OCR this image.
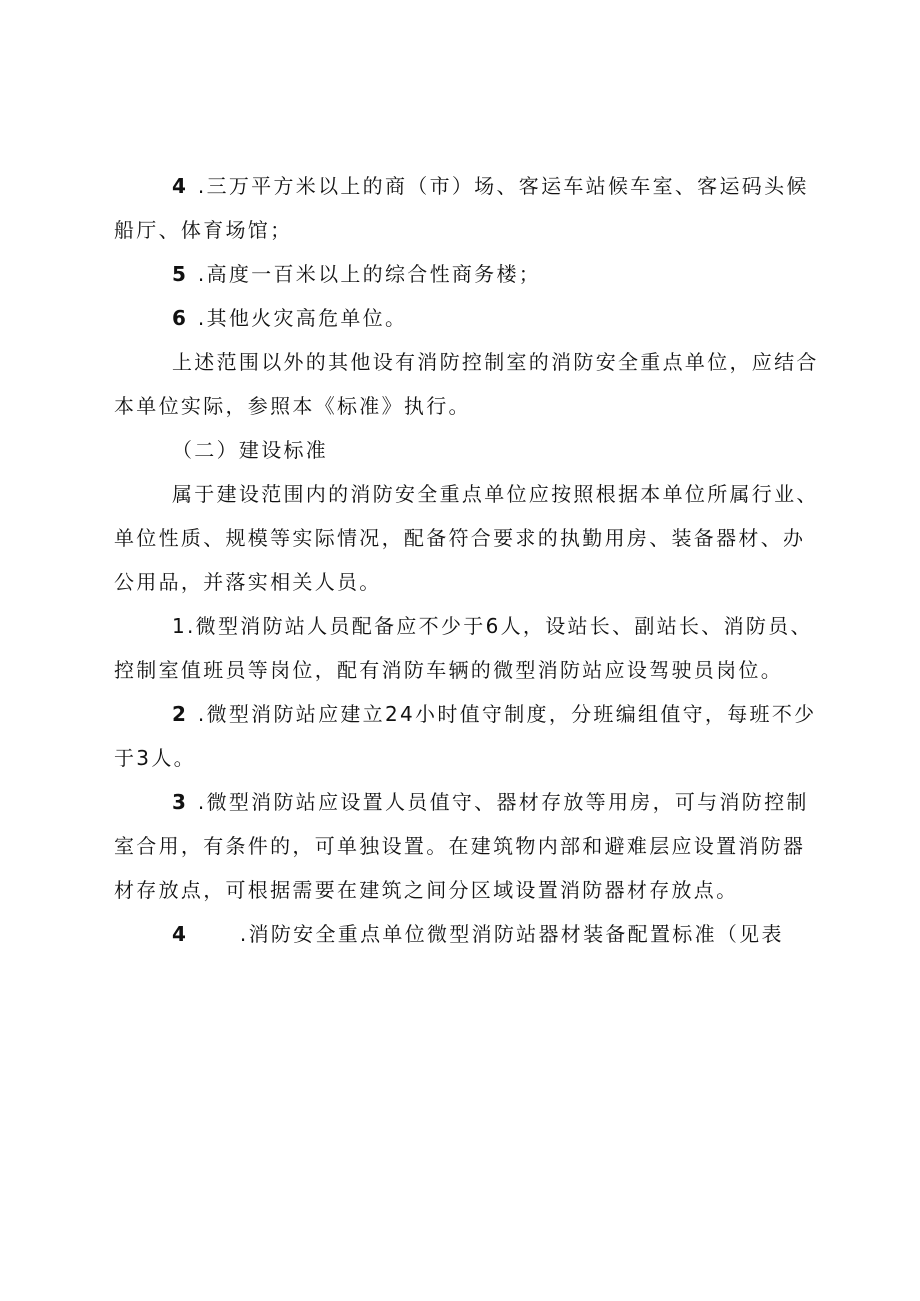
4 .三万平方米以上的商（市）场、客运车站候车室、客运码头候
船厅、体育场馆；
5 .高度一百米以上的综合性商务楼；
6 .其他火灾高危单位。
上述范围以外的其他设有消防控制室的消防安全重点单位，应结合
本单位实际，参照本《标准》执行。
（二）建设标准
属于建设范围内的消防安全重点单位应按照根据本单位所属行业、
单位性质、规模等实际情况，配备符合要求的执勤用房、装备器材、办
公用品，并落实相关人员。
1.微型消防站人员配备应不少于6人，设站长、副站长、消防员、
控制室值班员等岗位，配有消防车辆的微型消防站应设驾驶员岗位。
2 .微型消防站应建立24小时值守制度，分班编组值守，每班不少
于3人。
3 .微型消防站应设置人员值守、器材存放等用房，可与消防控制
室合用，有条件的，可单独设置。在建筑物内部和避难层应设置消防器
材存放点，可根据需要在建筑之间分区域设置消防器材存放点。
4	.消防安全重点单位微型消防站器材装备配置标准（见表
